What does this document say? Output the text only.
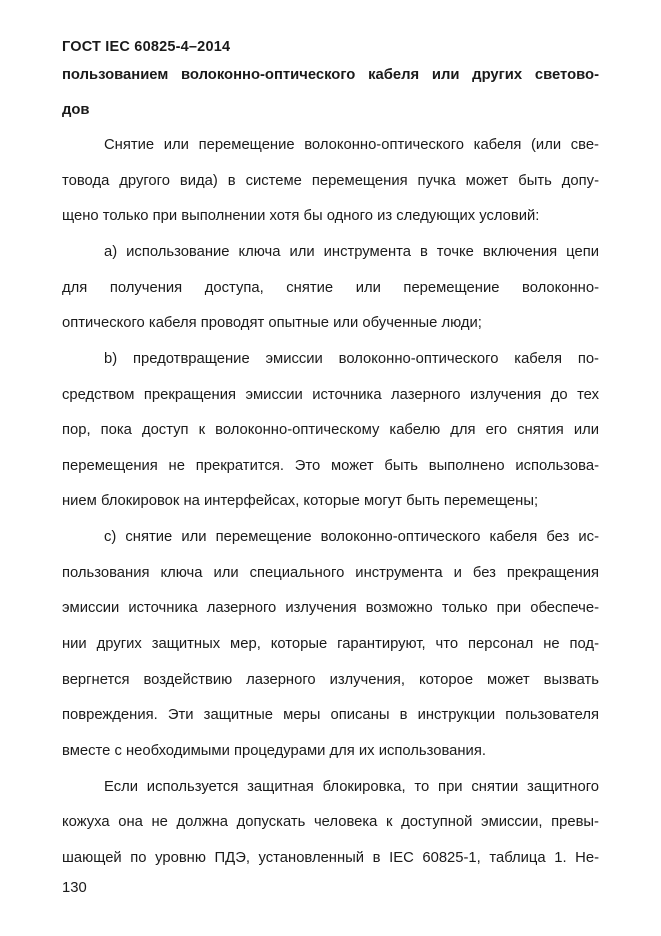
ГОСТ IEC 60825-4–2014

пользованием волоконно-оптического кабеля или других светово-

дов

Снятие или перемещение волоконно-оптического кабеля (или све-

товода другого вида) в системе перемещения пучка может быть допу-

щено только при выполнении хотя бы одного из следующих условий:

a) использование ключа или инструмента в точке включения цепи

для получения доступа, снятие или перемещение волоконно-

оптического кабеля проводят опытные или обученные люди;

b) предотвращение эмиссии волоконно-оптического кабеля по-

средством прекращения эмиссии источника лазерного излучения до тех

пор, пока доступ к волоконно-оптическому кабелю для его снятия или

перемещения не прекратится. Это может быть выполнено использова-

нием блокировок на интерфейсах, которые могут быть перемещены;

c) снятие или перемещение волоконно-оптического кабеля без ис-

пользования ключа или специального инструмента и без прекращения

эмиссии источника лазерного излучения возможно только при обеспече-

нии других защитных мер, которые гарантируют, что персонал не под-

вергнется воздействию лазерного излучения, которое может вызвать

повреждения. Эти защитные меры описаны в инструкции пользователя

вместе с необходимыми процедурами для их использования.

Если используется защитная блокировка, то при снятии защитного

кожуха она не должна допускать человека к доступной эмиссии, превы-

шающей по уровню ПДЭ, установленный в IEC 60825-1, таблица 1. Не-

130
